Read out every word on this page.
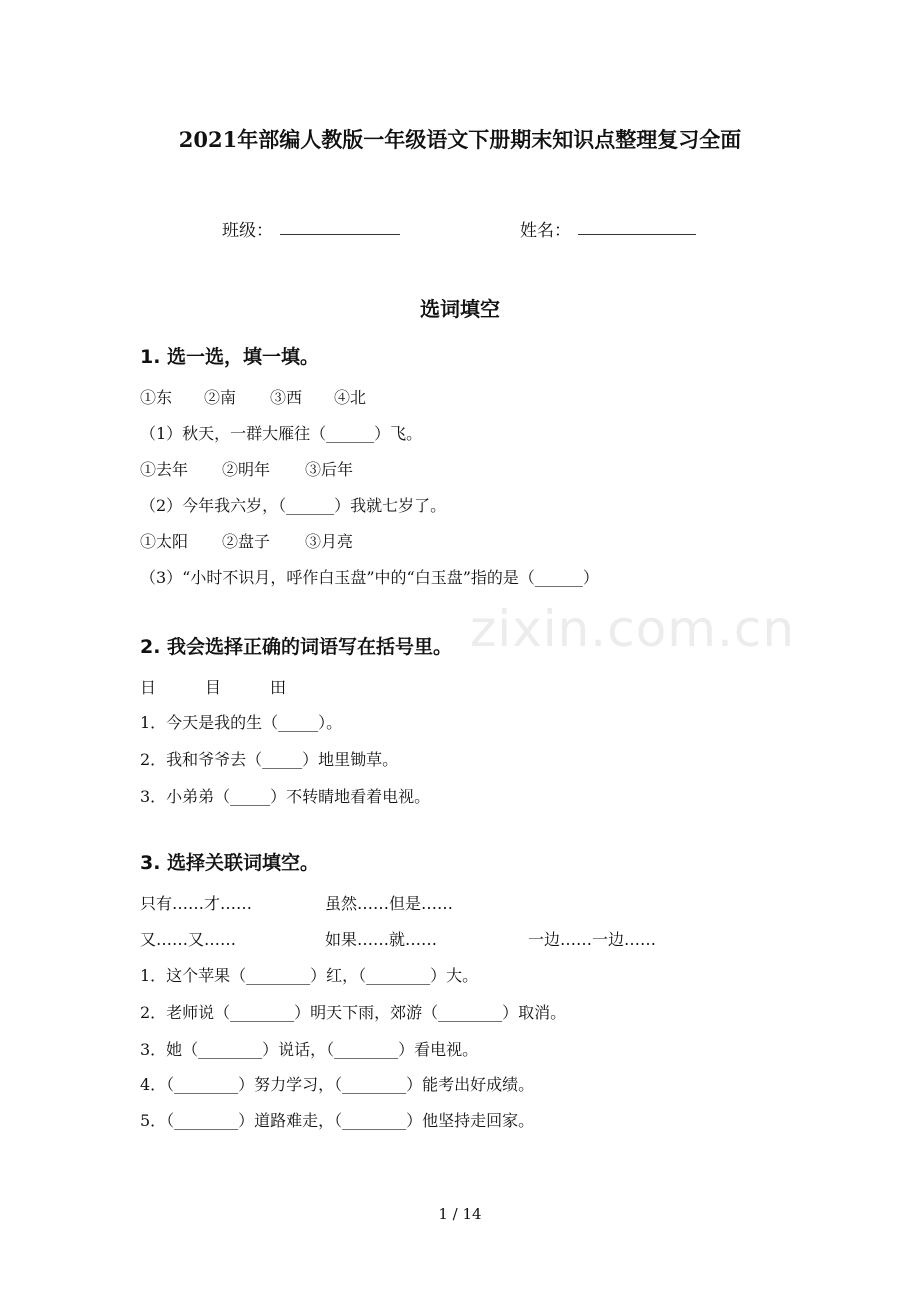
zixin.com.cn
2021年部编人教版一年级语文下册期末知识点整理复习全面
班级：	姓名：
选词填空
1. 选一选，填一填。
①东 ②南 ③西 ④北
（1）秋天，一群大雁往（______）飞。
①去年 ②明年 ③后年
（2）今年我六岁，（______）我就七岁了。
①太阳 ②盘子 ③月亮
（3）“小时不识月，呼作白玉盘”中的“白玉盘”指的是（______）
2. 我会选择正确的词语写在括号里。
日	目	田
1．今天是我的生（_____）。
2．我和爷爷去（_____）地里锄草。
3．小弟弟（_____）不转睛地看着电视。
3. 选择关联词填空。
只有……才……	虽然……但是……
又……又……	如果……就……	一边……一边……
1．这个苹果（________）红，（________）大。
2．老师说（________）明天下雨，郊游（________）取消。
3．她（________）说话，（________）看电视。
4．（________）努力学习，（________）能考出好成绩。
5．（________）道路难走，（________）他坚持走回家。
1 / 14
